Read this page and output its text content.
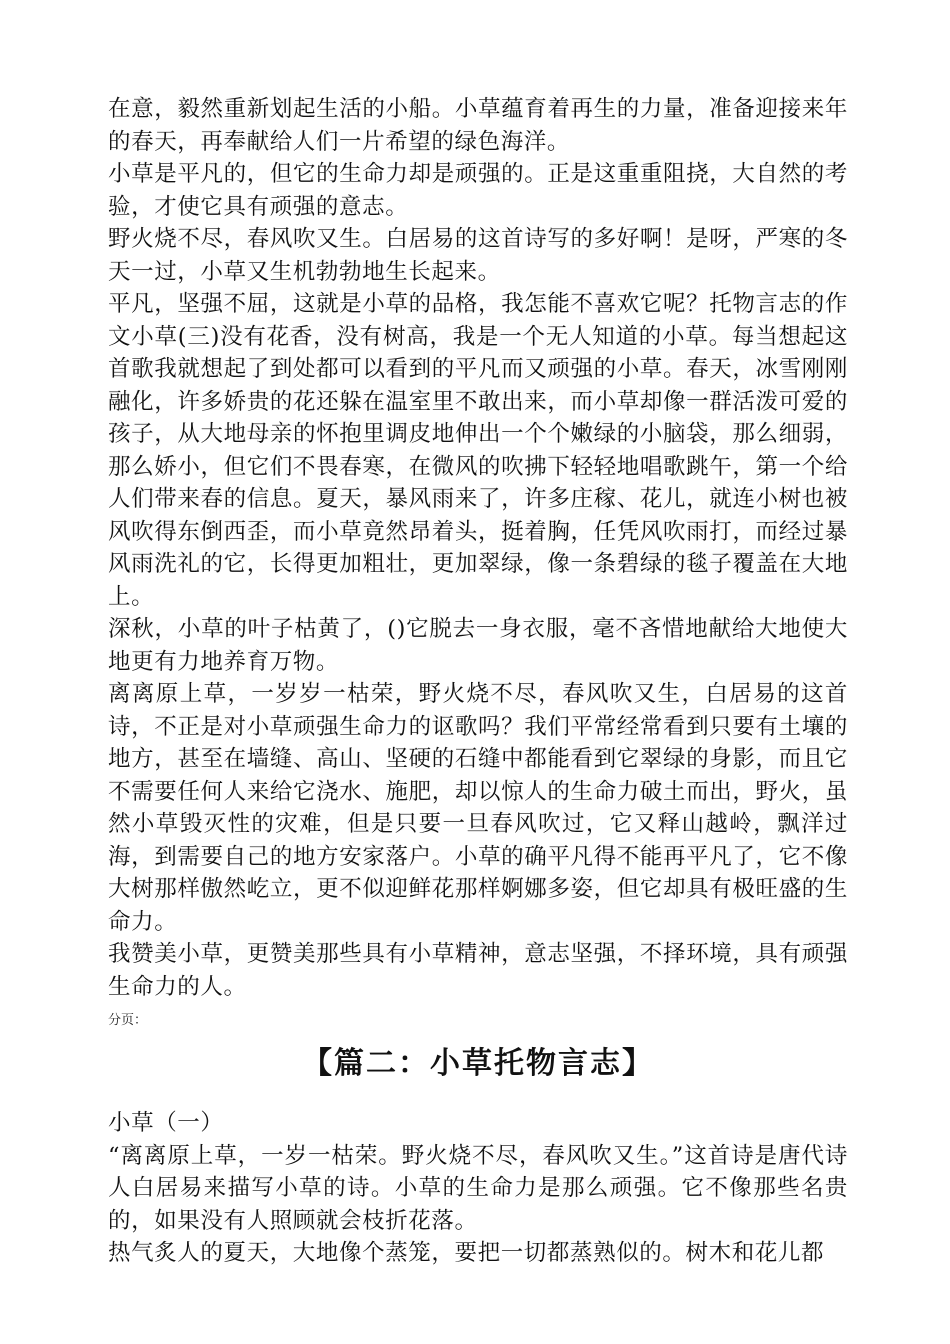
在意，毅然重新划起生活的小船。小草蕴育着再生的力量，准备迎接来年的春天，再奉献给人们一片希望的绿色海洋。

小草是平凡的，但它的生命力却是顽强的。正是这重重阻挠，大自然的考验，才使它具有顽强的意志。

野火烧不尽，春风吹又生。白居易的这首诗写的多好啊！是呀，严寒的冬天一过，小草又生机勃勃地生长起来。

平凡，坚强不屈，这就是小草的品格，我怎能不喜欢它呢？托物言志的作文小草(三)没有花香，没有树高，我是一个无人知道的小草。每当想起这首歌我就想起了到处都可以看到的平凡而又顽强的小草。春天，冰雪刚刚融化，许多娇贵的花还躲在温室里不敢出来，而小草却像一群活泼可爱的孩子，从大地母亲的怀抱里调皮地伸出一个个嫩绿的小脑袋，那么细弱，那么娇小，但它们不畏春寒，在微风的吹拂下轻轻地唱歌跳午，第一个给人们带来春的信息。夏天，暴风雨来了，许多庄稼、花儿，就连小树也被风吹得东倒西歪，而小草竟然昂着头，挺着胸，任凭风吹雨打，而经过暴风雨洗礼的它，长得更加粗壮，更加翠绿，像一条碧绿的毯子覆盖在大地上。

深秋，小草的叶子枯黄了，()它脱去一身衣服，毫不吝惜地献给大地使大地更有力地养育万物。

离离原上草，一岁岁一枯荣，野火烧不尽，春风吹又生，白居易的这首诗，不正是对小草顽强生命力的讴歌吗？我们平常经常看到只要有土壤的地方，甚至在墙缝、高山、坚硬的石缝中都能看到它翠绿的身影，而且它不需要任何人来给它浇水、施肥，却以惊人的生命力破土而出，野火，虽然小草毁灭性的灾难，但是只要一旦春风吹过，它又释山越岭，飘洋过海，到需要自己的地方安家落户。小草的确平凡得不能再平凡了，它不像大树那样傲然屹立，更不似迎鲜花那样婀娜多姿，但它却具有极旺盛的生命力。

我赞美小草，更赞美那些具有小草精神，意志坚强，不择环境，具有顽强生命力的人。

分页：
【篇二：小草托物言志】

小草（一）

“离离原上草，一岁一枯荣。野火烧不尽，春风吹又生。”这首诗是唐代诗人白居易来描写小草的诗。小草的生命力是那么顽强。它不像那些名贵的，如果没有人照顾就会枝折花落。

热气炙人的夏天，大地像个蒸笼，要把一切都蒸熟似的。树木和花儿都
